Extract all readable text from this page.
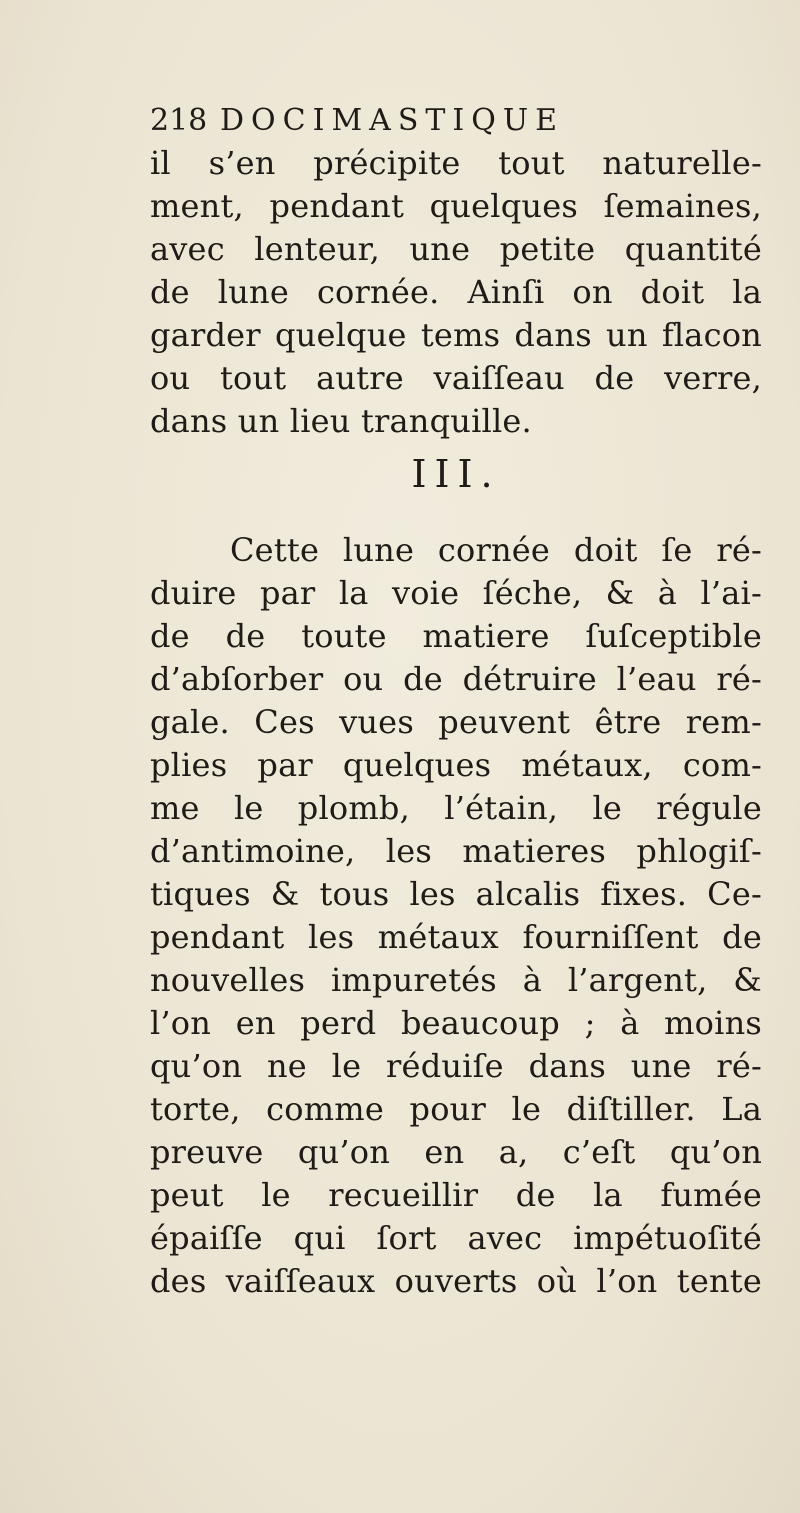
218 DOCIMASTIQUE
il s’en précipite tout naturelle-
ment, pendant quelques ſemaines,
avec lenteur, une petite quantité
de lune cornée. Ainſi on doit la
garder quelque tems dans un flacon
ou tout autre vaiſſeau de verre,
dans un lieu tranquille.
III.
Cette lune cornée doit ſe ré-
duire par la voie ſéche, & à l’ai-
de de toute matiere ſuſceptible
d’abſorber ou de détruire l’eau ré-
gale. Ces vues peuvent être rem-
plies par quelques métaux, com-
me le plomb, l’étain, le régule
d’antimoine, les matieres phlogiſ-
tiques & tous les alcalis fixes. Ce-
pendant les métaux fourniſſent de
nouvelles impuretés à l’argent, &
l’on en perd beaucoup ; à moins
qu’on ne le réduiſe dans une ré-
torte, comme pour le diſtiller. La
preuve qu’on en a, c’eſt qu’on
peut le recueillir de la fumée
épaiſſe qui ſort avec impétuoſité
des vaiſſeaux ouverts où l’on tente
